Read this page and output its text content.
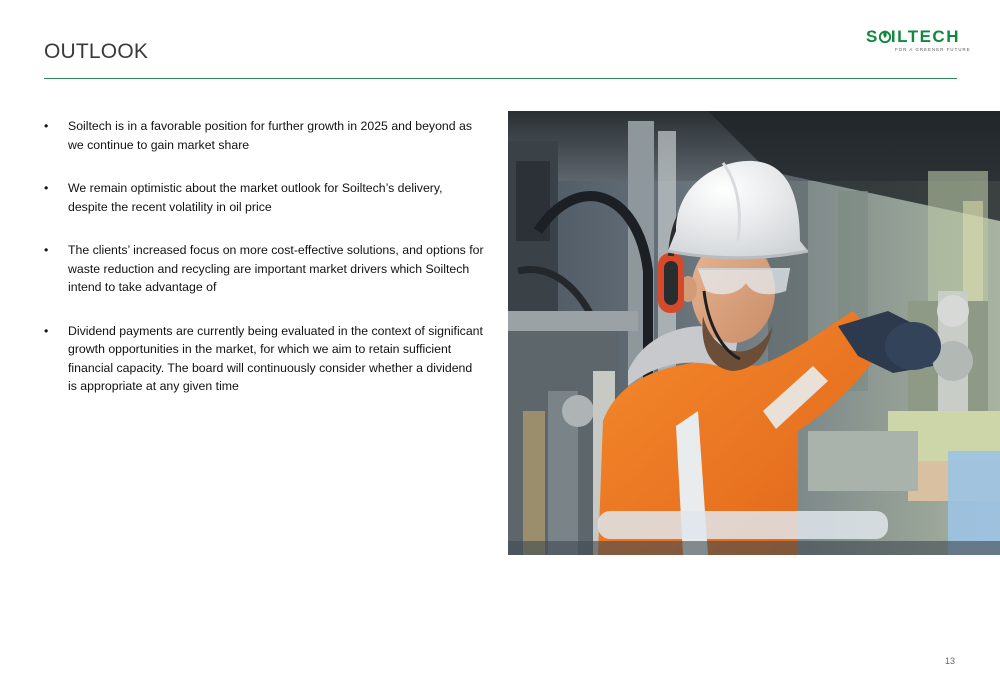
OUTLOOK
S ILTECH
FOR A GREENER FUTURE
•	Soiltech is in a favorable position for further growth in 2025 and beyond as we continue to gain market share
•	We remain optimistic about the market outlook for Soiltech’s delivery, despite the recent volatility in oil price
•	The clients’ increased focus on more cost-effective solutions, and options for waste reduction and recycling are important market drivers which Soiltech intend to take advantage of
•	Dividend payments are currently being evaluated in the context of significant growth opportunities in the market, for which we aim to retain sufficient financial capacity. The board will continuously consider whether a dividend is appropriate at any given time
13
